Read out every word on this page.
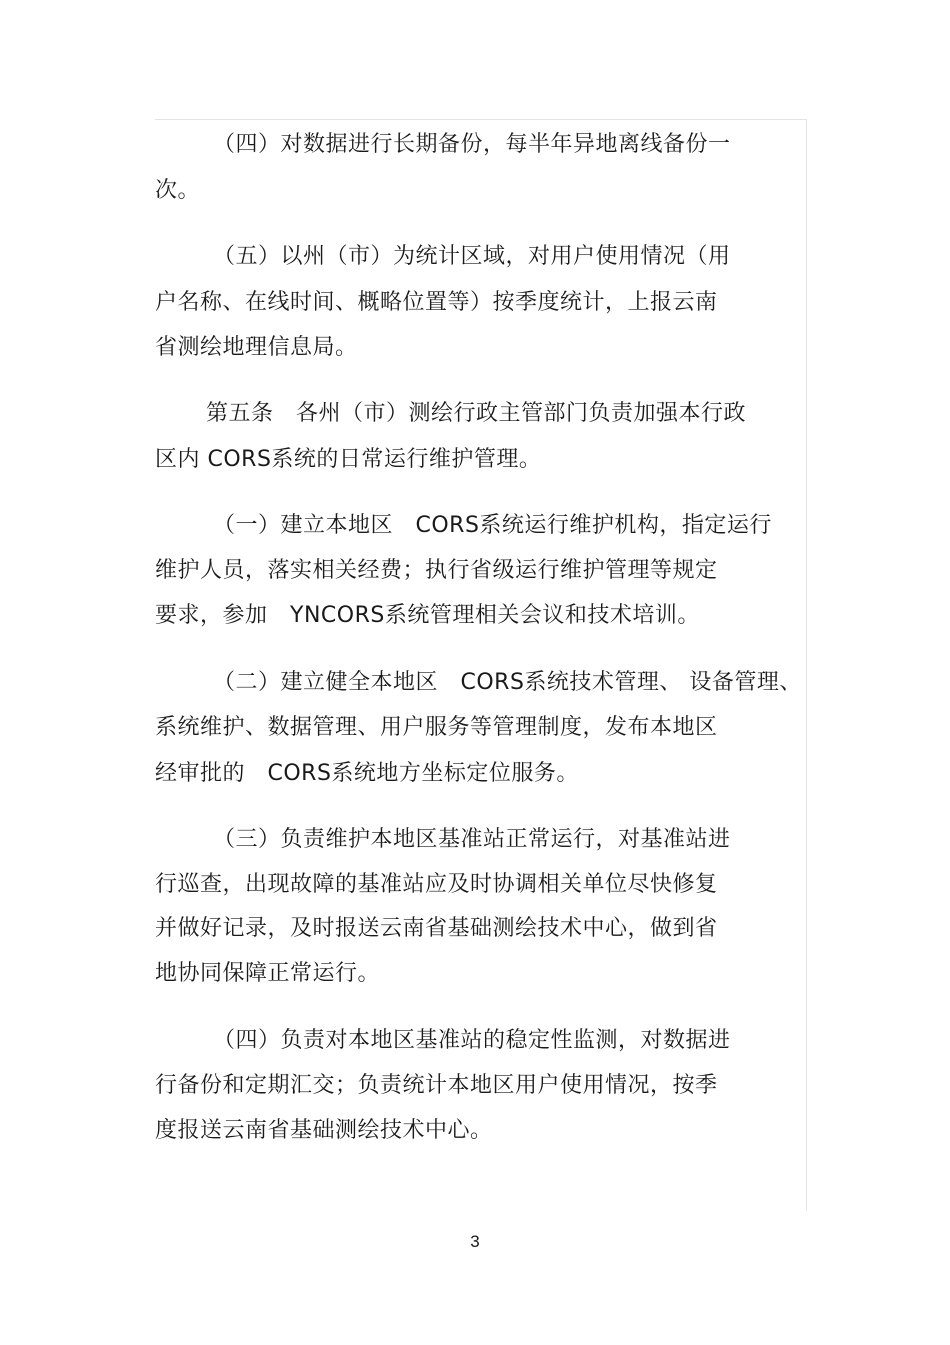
（四）对数据进行长期备份，每半年异地离线备份一
次。
（五）以州（市）为统计区域，对用户使用情况（用
户名称、在线时间、概略位置等）按季度统计，上报云南
省测绘地理信息局。
第五条　各州（市）测绘行政主管部门负责加强本行政
区内 CORS系统的日常运行维护管理。
（一）建立本地区　CORS系统运行维护机构，指定运行
维护人员，落实相关经费；执行省级运行维护管理等规定
要求，参加　YNCORS系统管理相关会议和技术培训。
（二）建立健全本地区　CORS系统技术管理、 设备管理、
系统维护、数据管理、用户服务等管理制度，发布本地区
经审批的　CORS系统地方坐标定位服务。
（三）负责维护本地区基准站正常运行，对基准站进
行巡查，出现故障的基准站应及时协调相关单位尽快修复
并做好记录，及时报送云南省基础测绘技术中心，做到省
地协同保障正常运行。
（四）负责对本地区基准站的稳定性监测，对数据进
行备份和定期汇交；负责统计本地区用户使用情况，按季
度报送云南省基础测绘技术中心。
3
